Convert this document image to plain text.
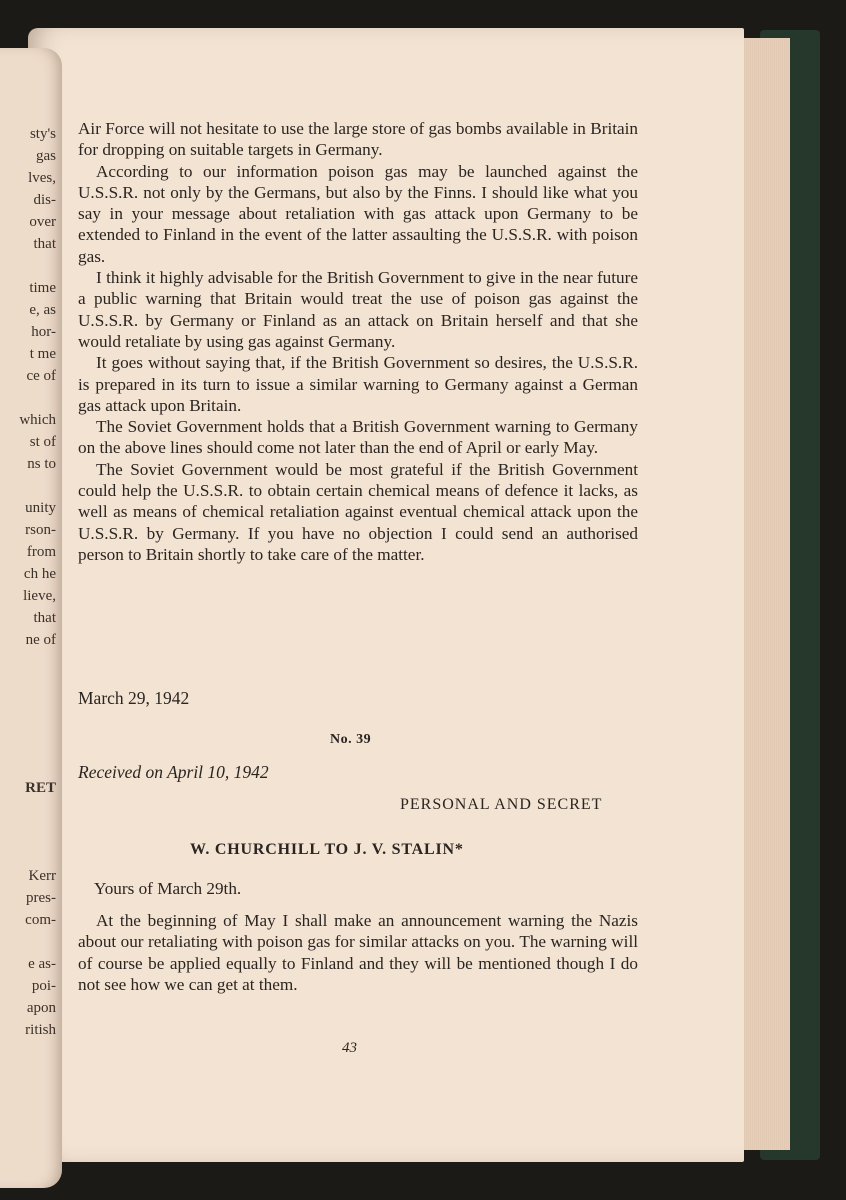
sty's
gas
lves,
dis-
over
that
time
e, as
hor-
t me
ce of
which
st of
ns to
unity
rson-
from
ch he
lieve,
that
ne of
RET
Kerr
pres-
com-
e as-
poi-
apon
ritish

Air Force will not hesitate to use the large store of gas bombs available in Britain for dropping on suitable targets in Germany.

According to our information poison gas may be launched against the U.S.S.R. not only by the Germans, but also by the Finns. I should like what you say in your message about retaliation with gas attack upon Germany to be extended to Finland in the event of the latter assaulting the U.S.S.R. with poison gas.

I think it highly advisable for the British Government to give in the near future a public warning that Britain would treat the use of poison gas against the U.S.S.R. by Germany or Finland as an attack on Britain herself and that she would retaliate by using gas against Germany.

It goes without saying that, if the British Government so desires, the U.S.S.R. is prepared in its turn to issue a similar warning to Germany against a German gas attack upon Britain.

The Soviet Government holds that a British Government warning to Germany on the above lines should come not later than the end of April or early May.

The Soviet Government would be most grateful if the British Government could help the U.S.S.R. to obtain certain chemical means of defence it lacks, as well as means of chemical retaliation against eventual chemical attack upon the U.S.S.R. by Germany. If you have no objection I could send an authorised person to Britain shortly to take care of the matter.

March 29, 1942
No. 39
Received on April 10, 1942
PERSONAL AND SECRET
W. CHURCHILL TO J. V. STALIN*
Yours of March 29th.

At the beginning of May I shall make an announcement warning the Nazis about our retaliating with poison gas for similar attacks on you. The warning will of course be applied equally to Finland and they will be mentioned though I do not see how we can get at them.

43
